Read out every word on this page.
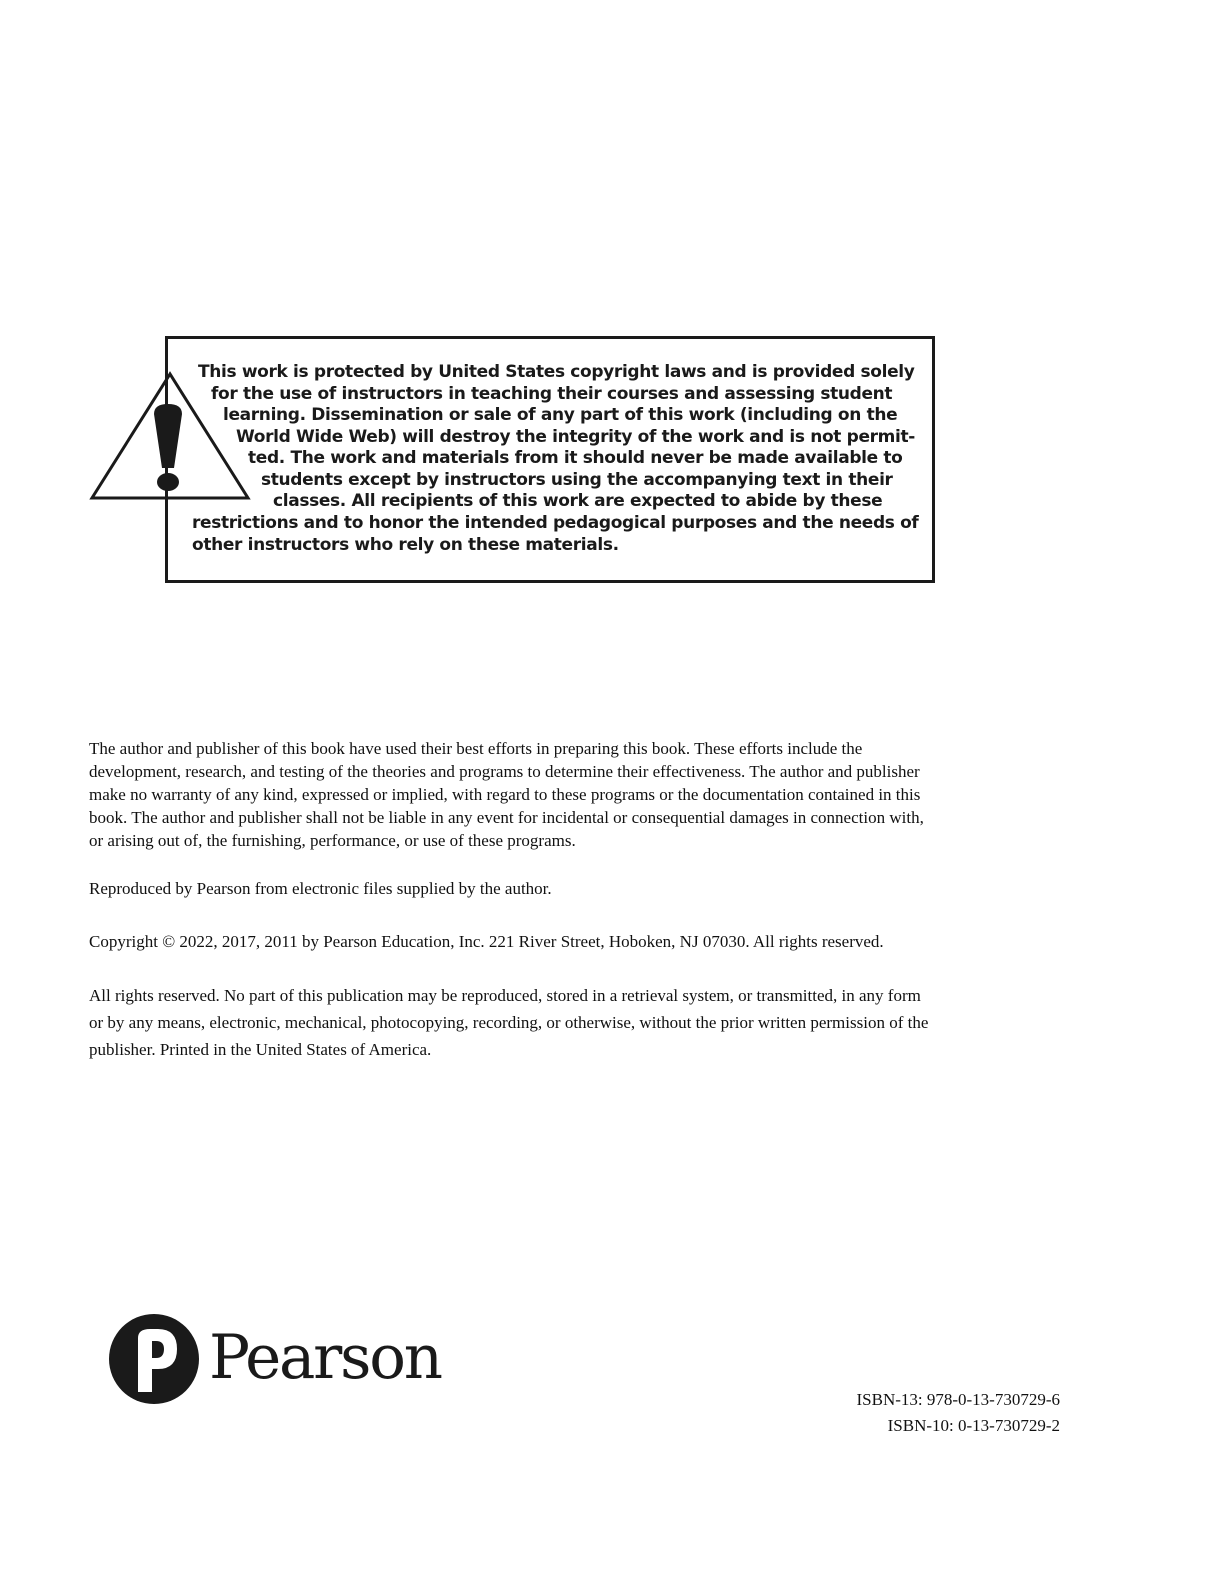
This work is protected by United States copyright laws and is provided solely
for the use of instructors in teaching their courses and assessing student
learning. Dissemination or sale of any part of this work (including on the
World Wide Web) will destroy the integrity of the work and is not permit-
ted. The work and materials from it should never be made available to
students except by instructors using the accompanying text in their
classes. All recipients of this work are expected to abide by these
restrictions and to honor the intended pedagogical purposes and the needs of
other instructors who rely on these materials.
The author and publisher of this book have used their best efforts in preparing this book. These efforts include the
development, research, and testing of the theories and programs to determine their effectiveness. The author and publisher
make no warranty of any kind, expressed or implied, with regard to these programs or the documentation contained in this
book. The author and publisher shall not be liable in any event for incidental or consequential damages in connection with,
or arising out of, the furnishing, performance, or use of these programs.
Reproduced by Pearson from electronic files supplied by the author.
Copyright © 2022, 2017, 2011 by Pearson Education, Inc. 221 River Street, Hoboken, NJ 07030. All rights reserved.
All rights reserved. No part of this publication may be reproduced, stored in a retrieval system, or transmitted, in any form
or by any means, electronic, mechanical, photocopying, recording, or otherwise, without the prior written permission of the
publisher. Printed in the United States of America.
Pearson
ISBN-13: 978-0-13-730729-6
ISBN-10: 0-13-730729-2
